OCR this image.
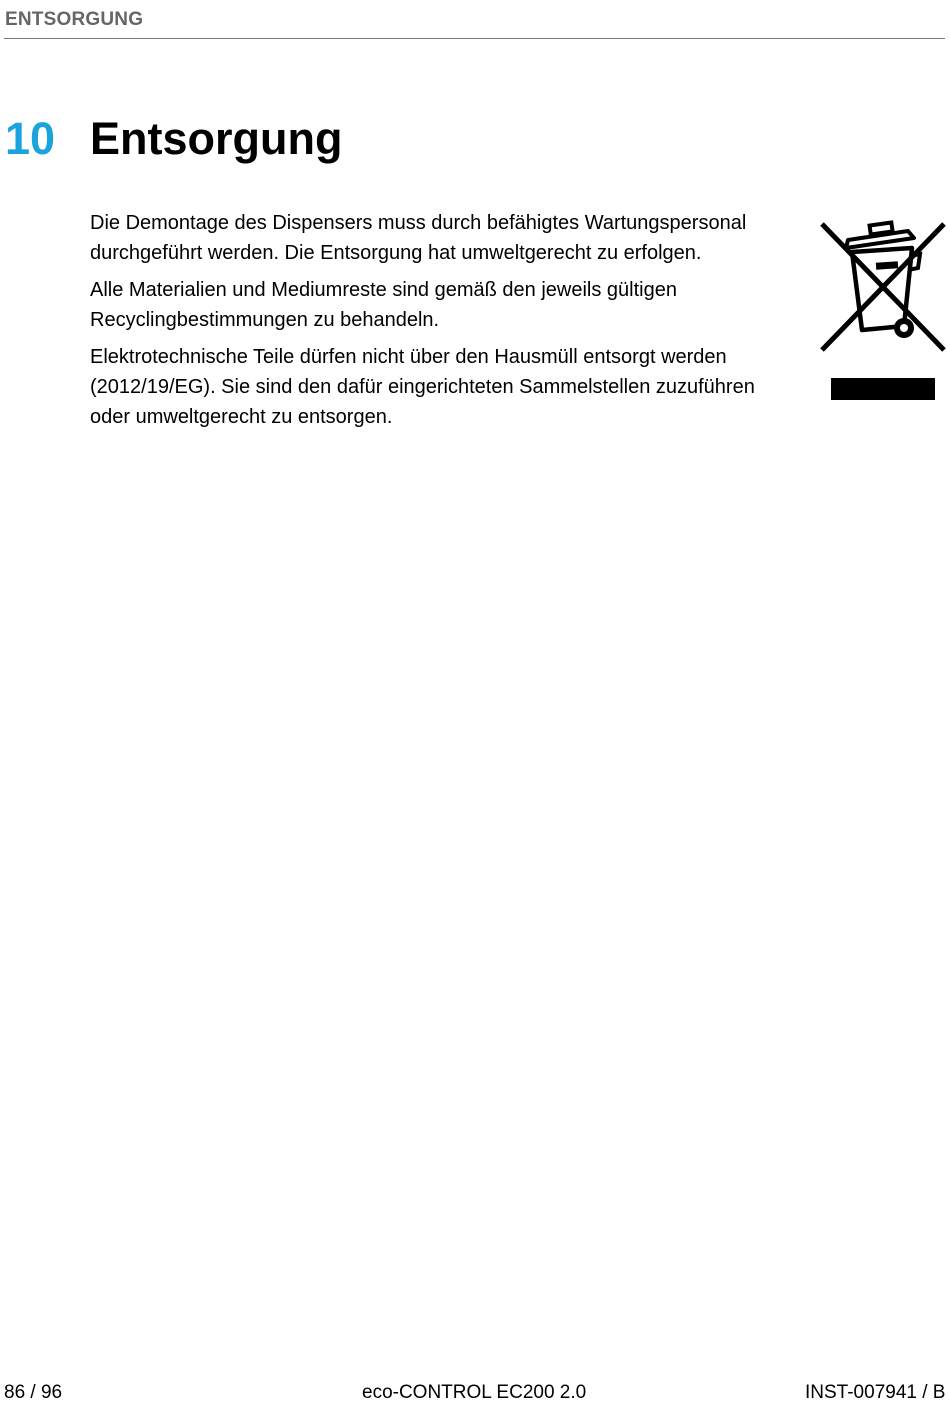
ENTSORGUNG
10 Entsorgung

Die Demontage des Dispensers muss durch befähigtes Wartungspersonal durchgeführt werden. Die Entsorgung hat umweltgerecht zu erfolgen.

Alle Materialien und Mediumreste sind gemäß den jeweils gültigen Recyclingbestimmungen zu behandeln.

Elektrotechnische Teile dürfen nicht über den Hausmüll entsorgt werden (2012/19/EG). Sie sind den dafür eingerichteten Sammelstellen zuzuführen oder umweltgerecht zu entsorgen.

86 / 96	eco-CONTROL EC200 2.0	INST-007941 / B
